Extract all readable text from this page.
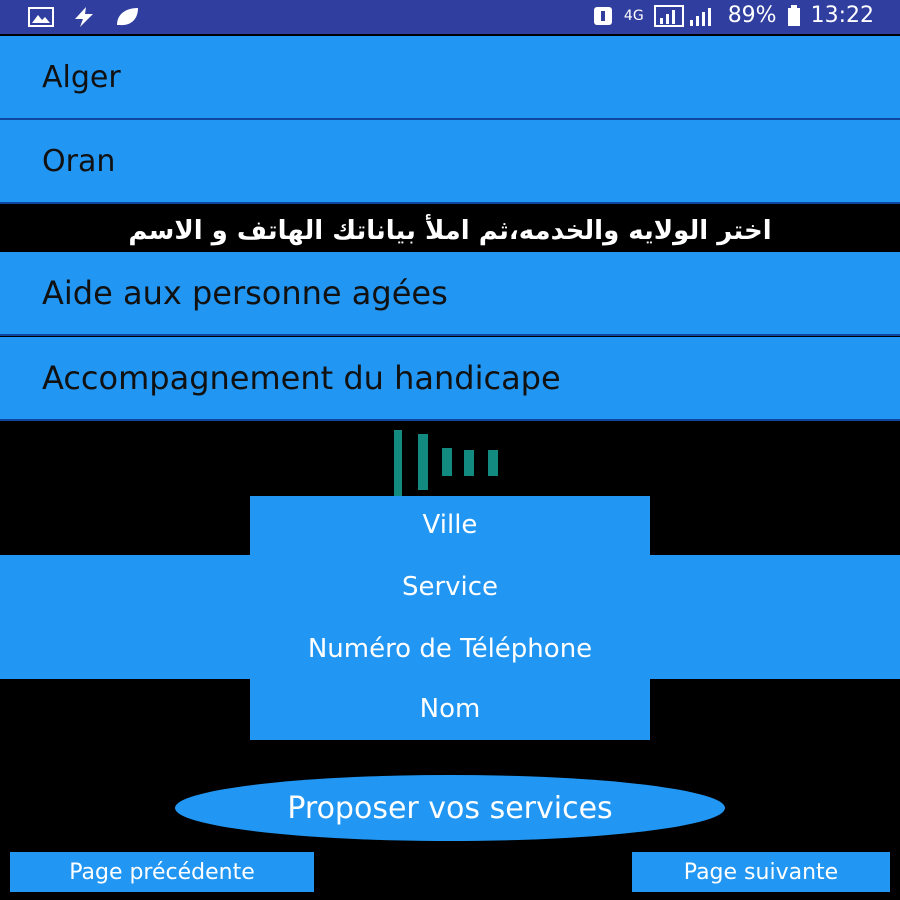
4G	89% 13:22
Alger
Oran
اختر الولايه والخدمه،ثم املأ بياناتك الهاتف و الاسم
Aide aux personne agées
Accompagnement du handicape
Ville
Service
Numéro de Téléphone
Nom
Proposer vos services
Page précédente	Page suivante
